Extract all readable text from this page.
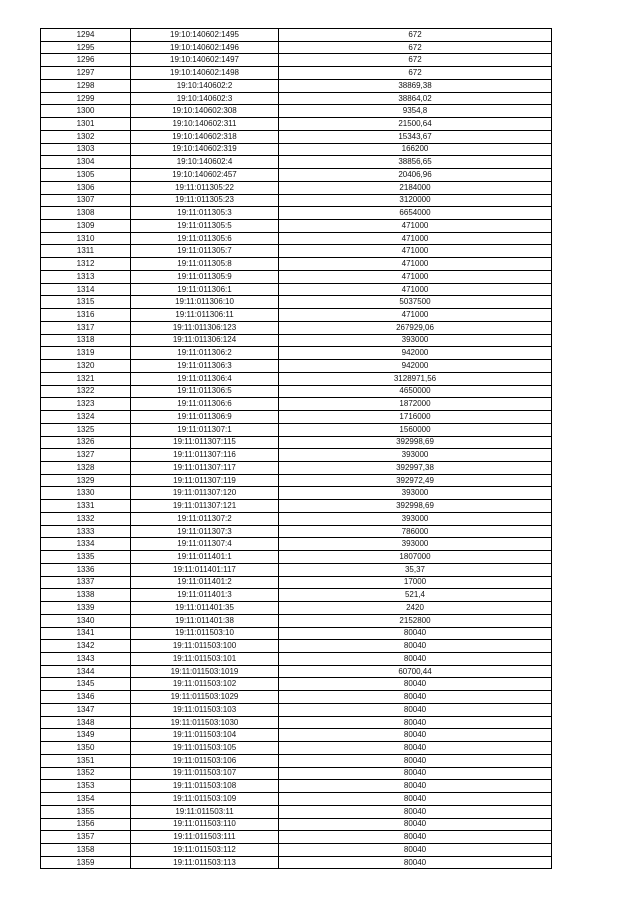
1294	19:10:140602:1495	672
1295	19:10:140602:1496	672
1296	19:10:140602:1497	672
1297	19:10:140602:1498	672
1298	19:10:140602:2	38869,38
1299	19:10:140602:3	38864,02
1300	19:10:140602:308	9354,8
1301	19:10:140602:311	21500,64
1302	19:10:140602:318	15343,67
1303	19:10:140602:319	166200
1304	19:10:140602:4	38856,65
1305	19:10:140602:457	20406,96
1306	19:11:011305:22	2184000
1307	19:11:011305:23	3120000
1308	19:11:011305:3	6654000
1309	19:11:011305:5	471000
1310	19:11:011305:6	471000
1311	19:11:011305:7	471000
1312	19:11:011305:8	471000
1313	19:11:011305:9	471000
1314	19:11:011306:1	471000
1315	19:11:011306:10	5037500
1316	19:11:011306:11	471000
1317	19:11:011306:123	267929,06
1318	19:11:011306:124	393000
1319	19:11:011306:2	942000
1320	19:11:011306:3	942000
1321	19:11:011306:4	3128971,56
1322	19:11:011306:5	4650000
1323	19:11:011306:6	1872000
1324	19:11:011306:9	1716000
1325	19:11:011307:1	1560000
1326	19:11:011307:115	392998,69
1327	19:11:011307:116	393000
1328	19:11:011307:117	392997,38
1329	19:11:011307:119	392972,49
1330	19:11:011307:120	393000
1331	19:11:011307:121	392998,69
1332	19:11:011307:2	393000
1333	19:11:011307:3	786000
1334	19:11:011307:4	393000
1335	19:11:011401:1	1807000
1336	19:11:011401:117	35,37
1337	19:11:011401:2	17000
1338	19:11:011401:3	521,4
1339	19:11:011401:35	2420
1340	19:11:011401:38	2152800
1341	19:11:011503:10	80040
1342	19:11:011503:100	80040
1343	19:11:011503:101	80040
1344	19:11:011503:1019	60700,44
1345	19:11:011503:102	80040
1346	19:11:011503:1029	80040
1347	19:11:011503:103	80040
1348	19:11:011503:1030	80040
1349	19:11:011503:104	80040
1350	19:11:011503:105	80040
1351	19:11:011503:106	80040
1352	19:11:011503:107	80040
1353	19:11:011503:108	80040
1354	19:11:011503:109	80040
1355	19:11:011503:11	80040
1356	19:11:011503:110	80040
1357	19:11:011503:111	80040
1358	19:11:011503:112	80040
1359	19:11:011503:113	80040
